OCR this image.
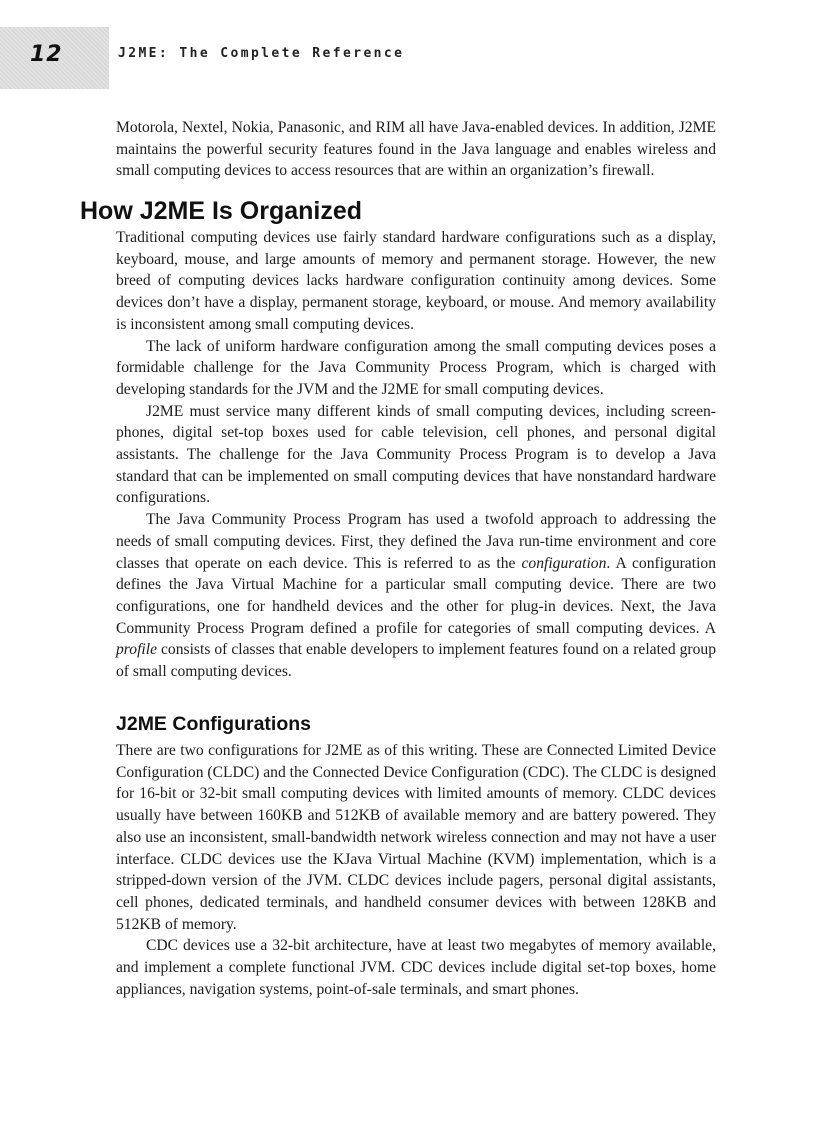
12	J2ME: The Complete Reference

Motorola, Nextel, Nokia, Panasonic, and RIM all have Java-enabled devices. In addition, J2ME maintains the powerful security features found in the Java language and enables wireless and small computing devices to access resources that are within an organization’s firewall.

How J2ME Is Organized

Traditional computing devices use fairly standard hardware configurations such as a display, keyboard, mouse, and large amounts of memory and permanent storage. However, the new breed of computing devices lacks hardware configuration continuity among devices. Some devices don’t have a display, permanent storage, keyboard, or mouse. And memory availability is inconsistent among small computing devices.

The lack of uniform hardware configuration among the small computing devices poses a formidable challenge for the Java Community Process Program, which is charged with developing standards for the JVM and the J2ME for small computing devices.

J2ME must service many different kinds of small computing devices, including screen-phones, digital set-top boxes used for cable television, cell phones, and personal digital assistants. The challenge for the Java Community Process Program is to develop a Java standard that can be implemented on small computing devices that have nonstandard hardware configurations.

The Java Community Process Program has used a twofold approach to addressing the needs of small computing devices. First, they defined the Java run-time environment and core classes that operate on each device. This is referred to as the configuration. A configuration defines the Java Virtual Machine for a particular small computing device. There are two configurations, one for handheld devices and the other for plug-in devices. Next, the Java Community Process Program defined a profile for categories of small computing devices. A profile consists of classes that enable developers to implement features found on a related group of small computing devices.

J2ME Configurations

There are two configurations for J2ME as of this writing. These are Connected Limited Device Configuration (CLDC) and the Connected Device Configuration (CDC). The CLDC is designed for 16-bit or 32-bit small computing devices with limited amounts of memory. CLDC devices usually have between 160KB and 512KB of available memory and are battery powered. They also use an inconsistent, small-bandwidth network wireless connection and may not have a user interface. CLDC devices use the KJava Virtual Machine (KVM) implementation, which is a stripped-down version of the JVM. CLDC devices include pagers, personal digital assistants, cell phones, dedicated terminals, and handheld consumer devices with between 128KB and 512KB of memory.

CDC devices use a 32-bit architecture, have at least two megabytes of memory available, and implement a complete functional JVM. CDC devices include digital set-top boxes, home appliances, navigation systems, point-of-sale terminals, and smart phones.
